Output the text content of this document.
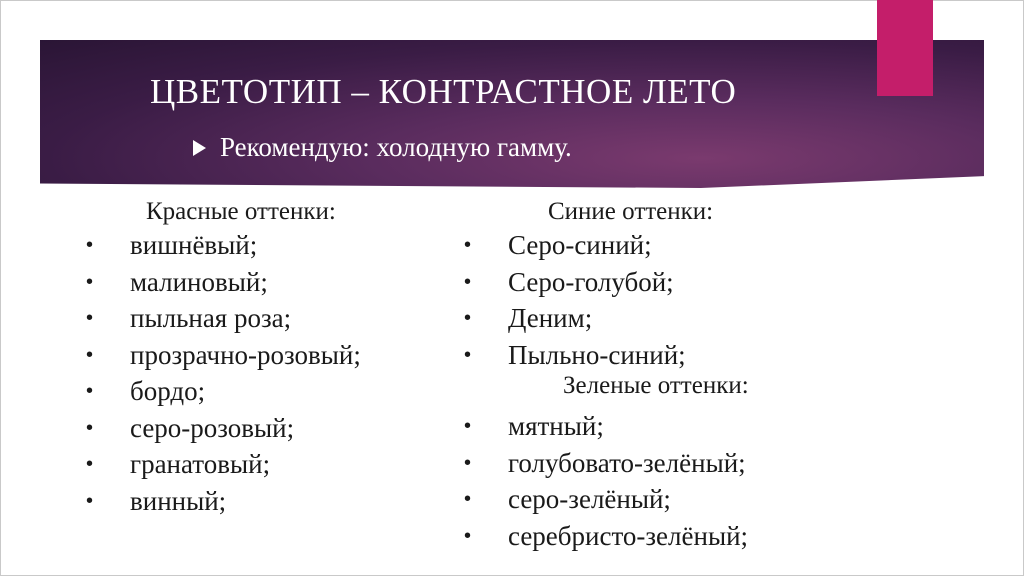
ЦВЕТОТИП – КОНТРАСТНОЕ ЛЕТО
Рекомендую: холодную гамму.
Красные оттенки:
• вишнёвый;
• малиновый;
• пыльная роза;
• прозрачно-розовый;
• бордо;
• серо-розовый;
• гранатовый;
• винный;
Синие оттенки:
• Серо-синий;
• Серо-голубой;
• Деним;
• Пыльно-синий;
Зеленые оттенки:
• мятный;
• голубовато-зелёный;
• серо-зелёный;
• серебристо-зелёный;
